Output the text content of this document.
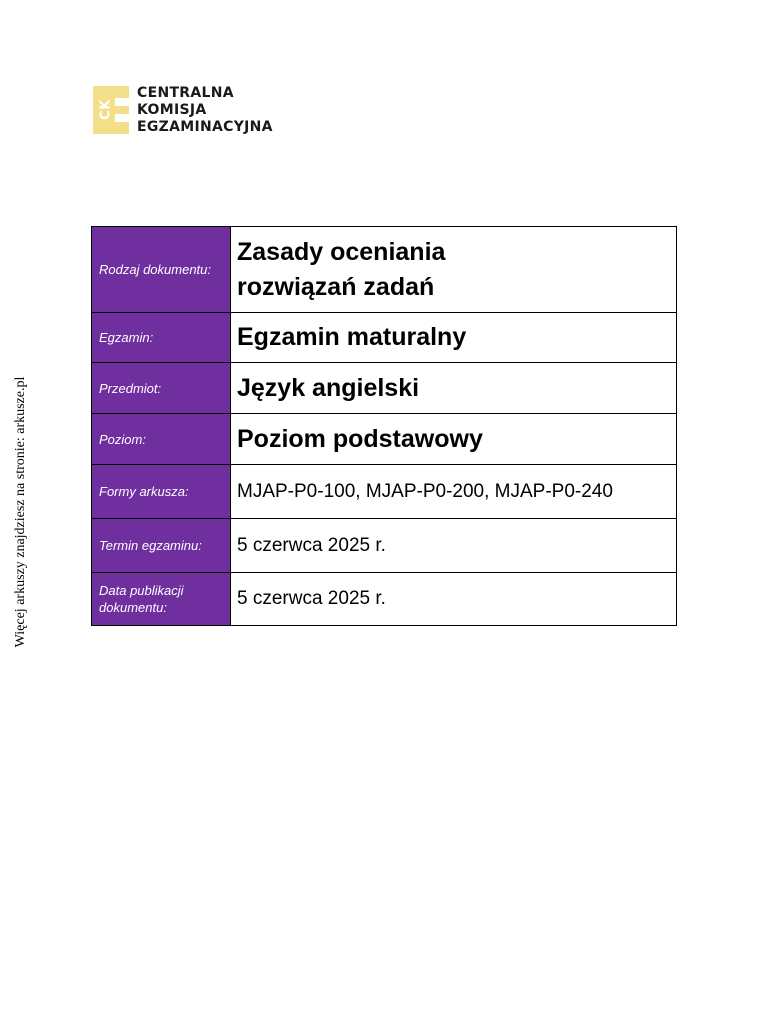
CK
CENTRALNA
KOMISJA
EGZAMINACYJNA
Więcej arkuszy znajdziesz na stronie: arkusze.pl
Rodzaj dokumentu:	Zasady oceniania
rozwiązań zadań

Egzamin:	Egzamin maturalny
Przedmiot:	Język angielski
Poziom:	Poziom podstawowy
Formy arkusza:	MJAP-P0-100, MJAP-P0-200, MJAP-P0-240
Termin egzaminu:	5 czerwca 2025 r.

Data publikacji
dokumentu:	5 czerwca 2025 r.
